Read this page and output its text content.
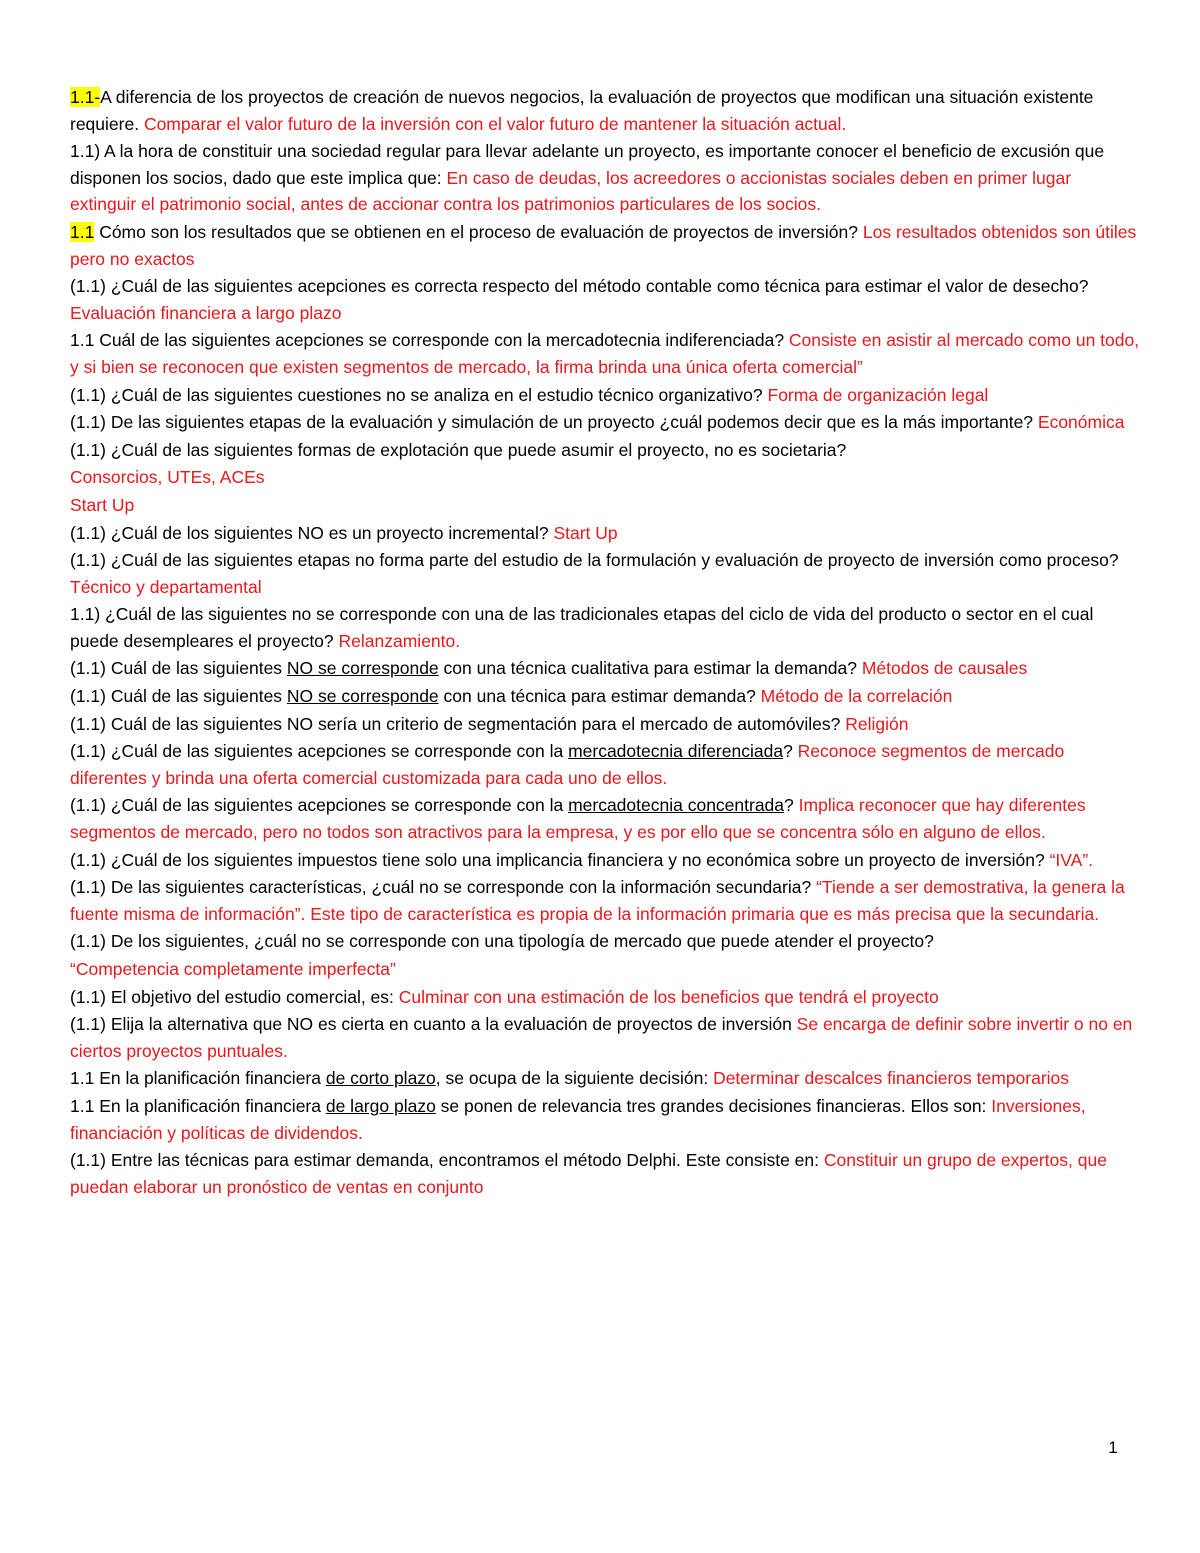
1.1-A diferencia de los proyectos de creación de nuevos negocios, la evaluación de proyectos que modifican una situación existente requiere. Comparar el valor futuro de la inversión con el valor futuro de mantener la situación actual.
1.1) A la hora de constituir una sociedad regular para llevar adelante un proyecto, es importante conocer el beneficio de excusión que disponen los socios, dado que este implica que: En caso de deudas, los acreedores o accionistas sociales deben en primer lugar extinguir el patrimonio social, antes de accionar contra los patrimonios particulares de los socios.
1.1 Cómo son los resultados que se obtienen en el proceso de evaluación de proyectos de inversión? Los resultados obtenidos son útiles pero no exactos
(1.1) ¿Cuál de las siguientes acepciones es correcta respecto del método contable como técnica para estimar el valor de desecho? Evaluación financiera a largo plazo
1.1 Cuál de las siguientes acepciones se corresponde con la mercadotecnia indiferenciada? Consiste en asistir al mercado como un todo, y si bien se reconocen que existen segmentos de mercado, la firma brinda una única oferta comercial”
(1.1) ¿Cuál de las siguientes cuestiones no se analiza en el estudio técnico organizativo? Forma de organización legal
(1.1) De las siguientes etapas de la evaluación y simulación de un proyecto ¿cuál podemos decir que es la más importante? Económica
(1.1) ¿Cuál de las siguientes formas de explotación que puede asumir el proyecto, no es societaria?
Consorcios, UTEs, ACEs
Start Up
(1.1) ¿Cuál de los siguientes NO es un proyecto incremental? Start Up
(1.1) ¿Cuál de las siguientes etapas no forma parte del estudio de la formulación y evaluación de proyecto de inversión como proceso? Técnico y departamental
1.1) ¿Cuál de las siguientes no se corresponde con una de las tradicionales etapas del ciclo de vida del producto o sector en el cual puede desempleares el proyecto? Relanzamiento.
(1.1) Cuál de las siguientes NO se corresponde con una técnica cualitativa para estimar la demanda? Métodos de causales
(1.1) Cuál de las siguientes NO se corresponde con una técnica para estimar demanda? Método de la correlación
(1.1) Cuál de las siguientes NO sería un criterio de segmentación para el mercado de automóviles? Religión
(1.1) ¿Cuál de las siguientes acepciones se corresponde con la mercadotecnia diferenciada? Reconoce segmentos de mercado diferentes y brinda una oferta comercial customizada para cada uno de ellos.
(1.1) ¿Cuál de las siguientes acepciones se corresponde con la mercadotecnia concentrada? Implica reconocer que hay diferentes segmentos de mercado, pero no todos son atractivos para la empresa, y es por ello que se concentra sólo en alguno de ellos.
(1.1) ¿Cuál de los siguientes impuestos tiene solo una implicancia financiera y no económica sobre un proyecto de inversión? “IVA”.
(1.1) De las siguientes características, ¿cuál no se corresponde con la información secundaria? “Tiende a ser demostrativa, la genera la fuente misma de información”. Este tipo de característica es propia de la información primaria que es más precisa que la secundaria.
(1.1) De los siguientes, ¿cuál no se corresponde con una tipología de mercado que puede atender el proyecto?
“Competencia completamente imperfecta”
(1.1) El objetivo del estudio comercial, es: Culminar con una estimación de los beneficios que tendrá el proyecto
(1.1) Elija la alternativa que NO es cierta en cuanto a la evaluación de proyectos de inversión Se encarga de definir sobre invertir o no en ciertos proyectos puntuales.
1.1 En la planificación financiera de corto plazo, se ocupa de la siguiente decisión: Determinar descalces financieros temporarios
1.1 En la planificación financiera de largo plazo se ponen de relevancia tres grandes decisiones financieras. Ellos son: Inversiones, financiación y políticas de dividendos.
(1.1) Entre las técnicas para estimar demanda, encontramos el método Delphi. Este consiste en: Constituir un grupo de expertos, que puedan elaborar un pronóstico de ventas en conjunto
1
